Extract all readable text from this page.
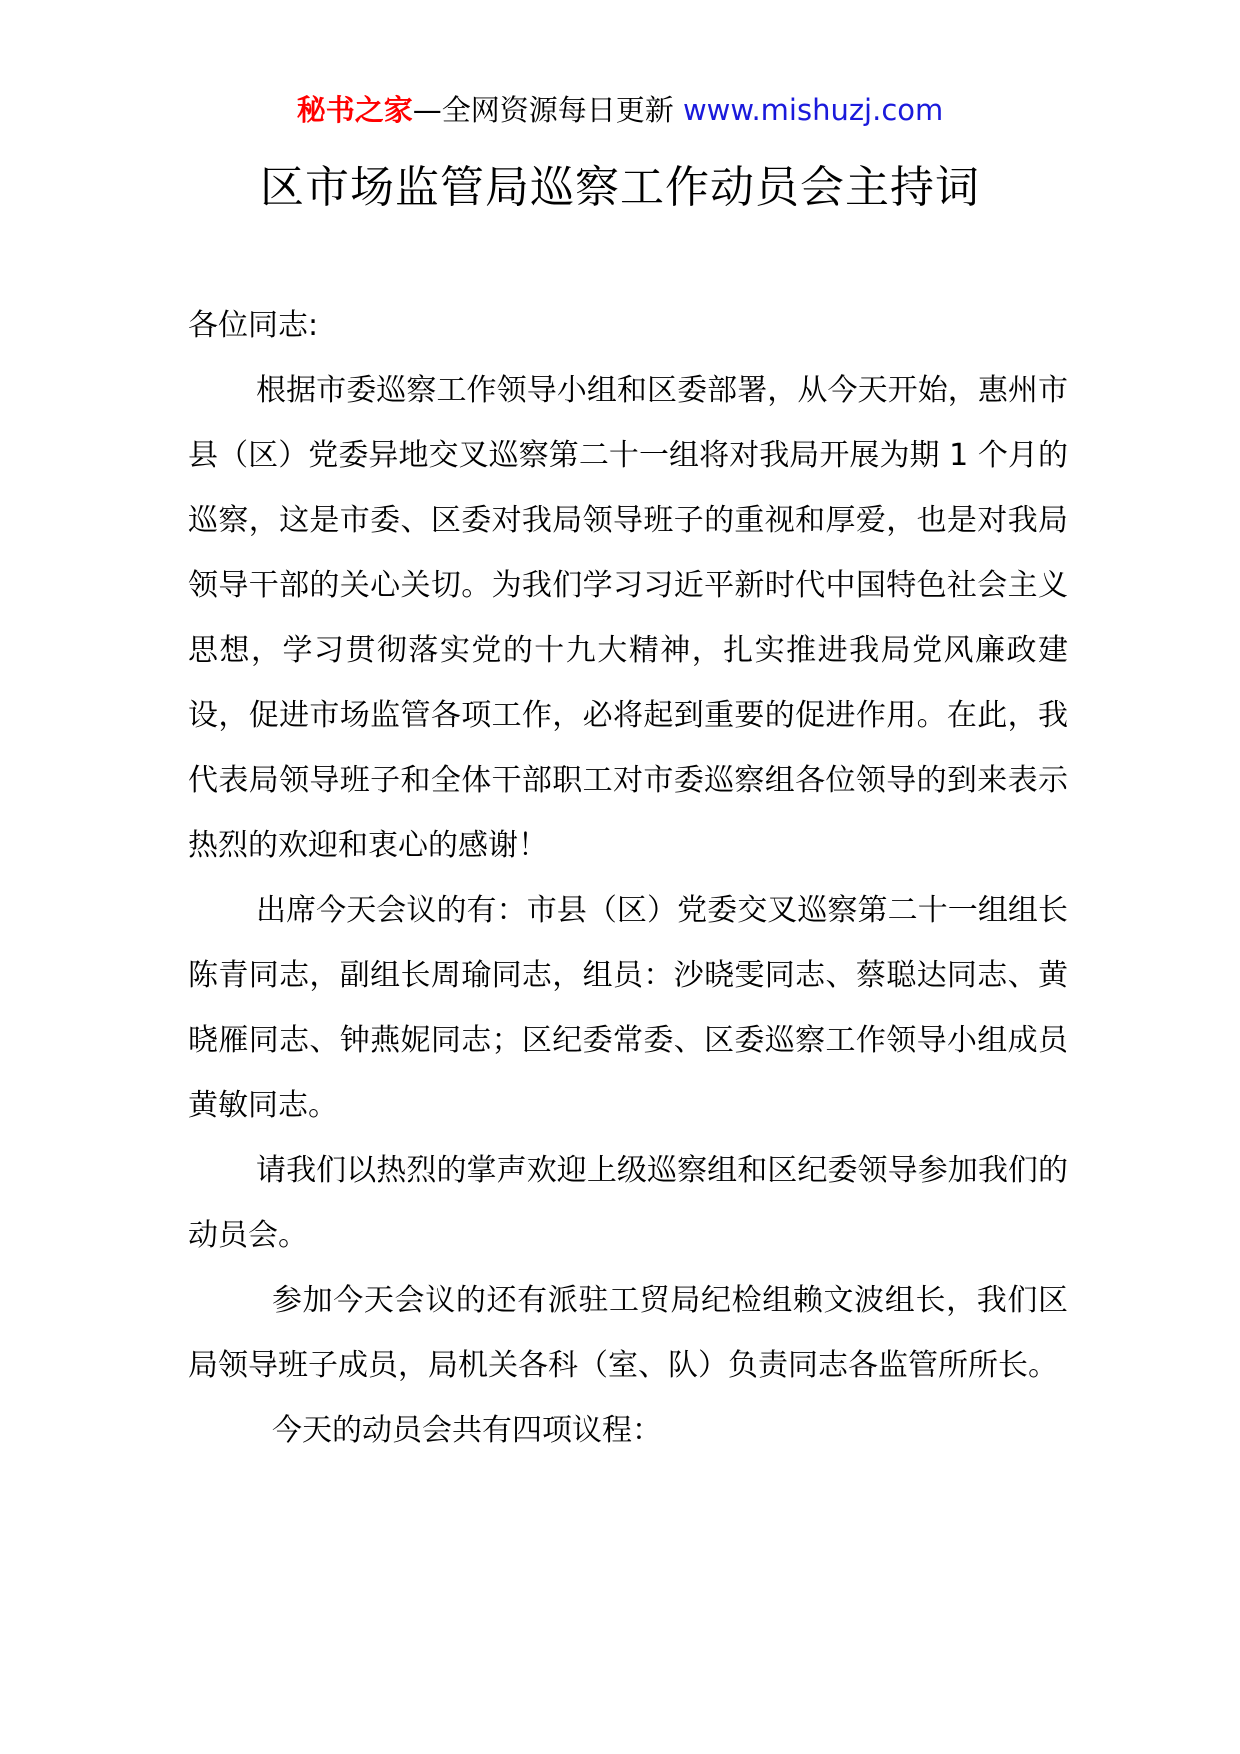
秘书之家—全网资源每日更新 www.mishuzj.com
区市场监管局巡察工作动员会主持词

各位同志:

根据市委巡察工作领导小组和区委部署，从今天开始，惠州市县（区）党委异地交叉巡察第二十一组将对我局开展为期 1 个月的巡察，这是市委、区委对我局领导班子的重视和厚爱，也是对我局领导干部的关心关切。为我们学习习近平新时代中国特色社会主义思想，学习贯彻落实党的十九大精神，扎实推进我局党风廉政建设，促进市场监管各项工作，必将起到重要的促进作用。在此，我代表局领导班子和全体干部职工对市委巡察组各位领导的到来表示热烈的欢迎和衷心的感谢！

出席今天会议的有：市县（区）党委交叉巡察第二十一组组长陈青同志，副组长周瑜同志，组员：沙晓雯同志、蔡聪达同志、黄晓雁同志、钟燕妮同志；区纪委常委、区委巡察工作领导小组成员黄敏同志。

请我们以热烈的掌声欢迎上级巡察组和区纪委领导参加我们的动员会。

参加今天会议的还有派驻工贸局纪检组赖文波组长，我们区局领导班子成员，局机关各科（室、队）负责同志各监管所所长。

今天的动员会共有四项议程：
